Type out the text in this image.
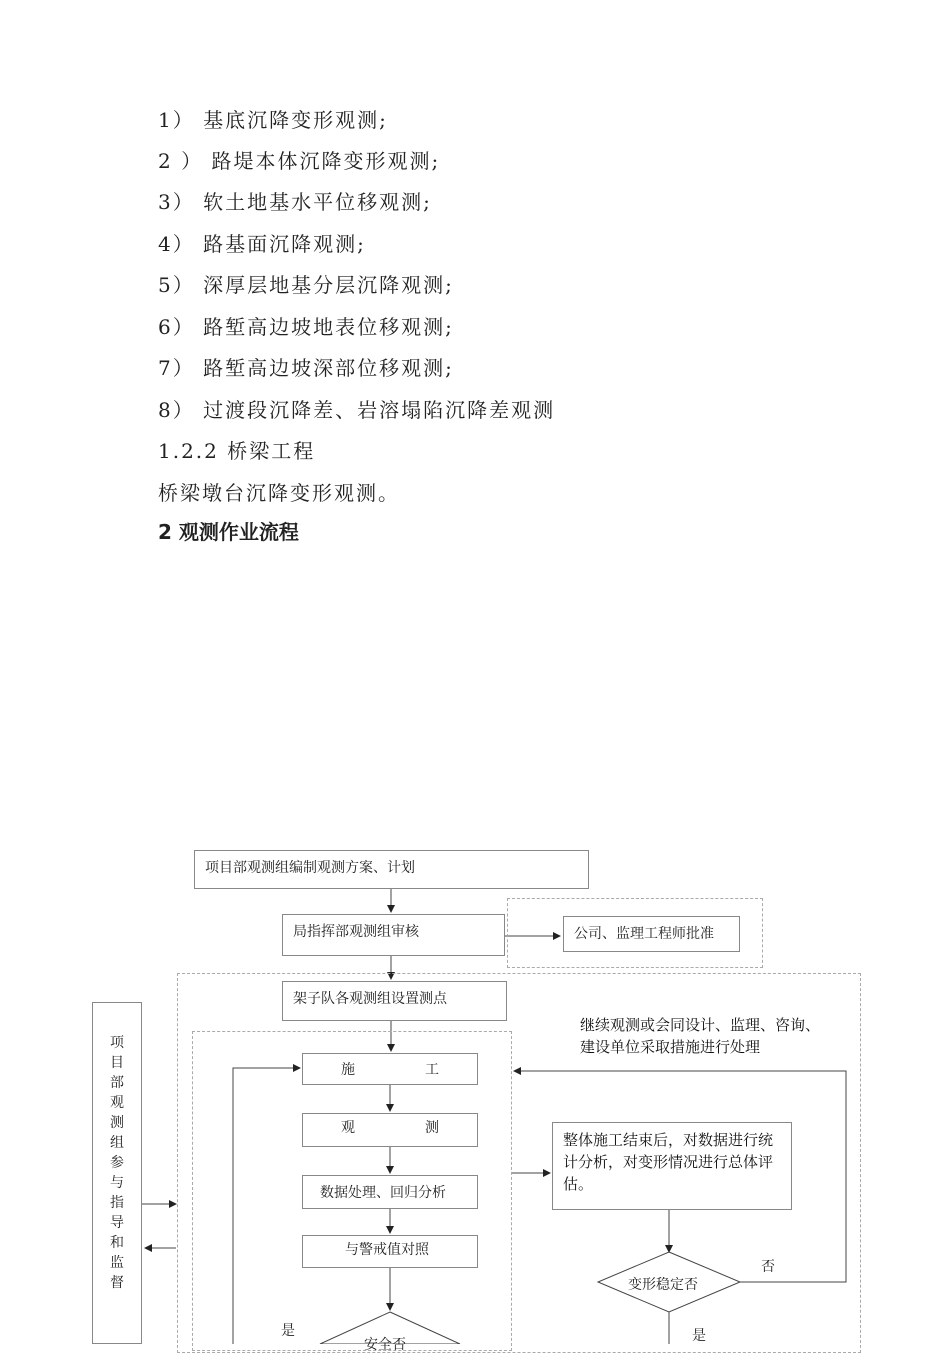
1） 基底沉降变形观测;
2 ） 路堤本体沉降变形观测;
3） 软土地基水平位移观测;
4） 路基面沉降观测;
5） 深厚层地基分层沉降观测;
6） 路堑高边坡地表位移观测;
7） 路堑高边坡深部位移观测;
8） 过渡段沉降差、岩溶塌陷沉降差观测
1.2.2 桥梁工程
桥梁墩台沉降变形观测。
2 观测作业流程
项目部观测组编制观测方案、计划
局指挥部观测组审核	公司、监理工程师批准
架子队各观测组设置测点
施	工
观	测
数据处理、回归分析
与警戒值对照
安全否
整体施工结束后，对数据进行统计分析，对变形情况进行总体评估。
变形稳定否
继续观测或会同设计、监理、咨询、建设单位采取措施进行处理
是	是
否
项目部观测组参与指导和监督
